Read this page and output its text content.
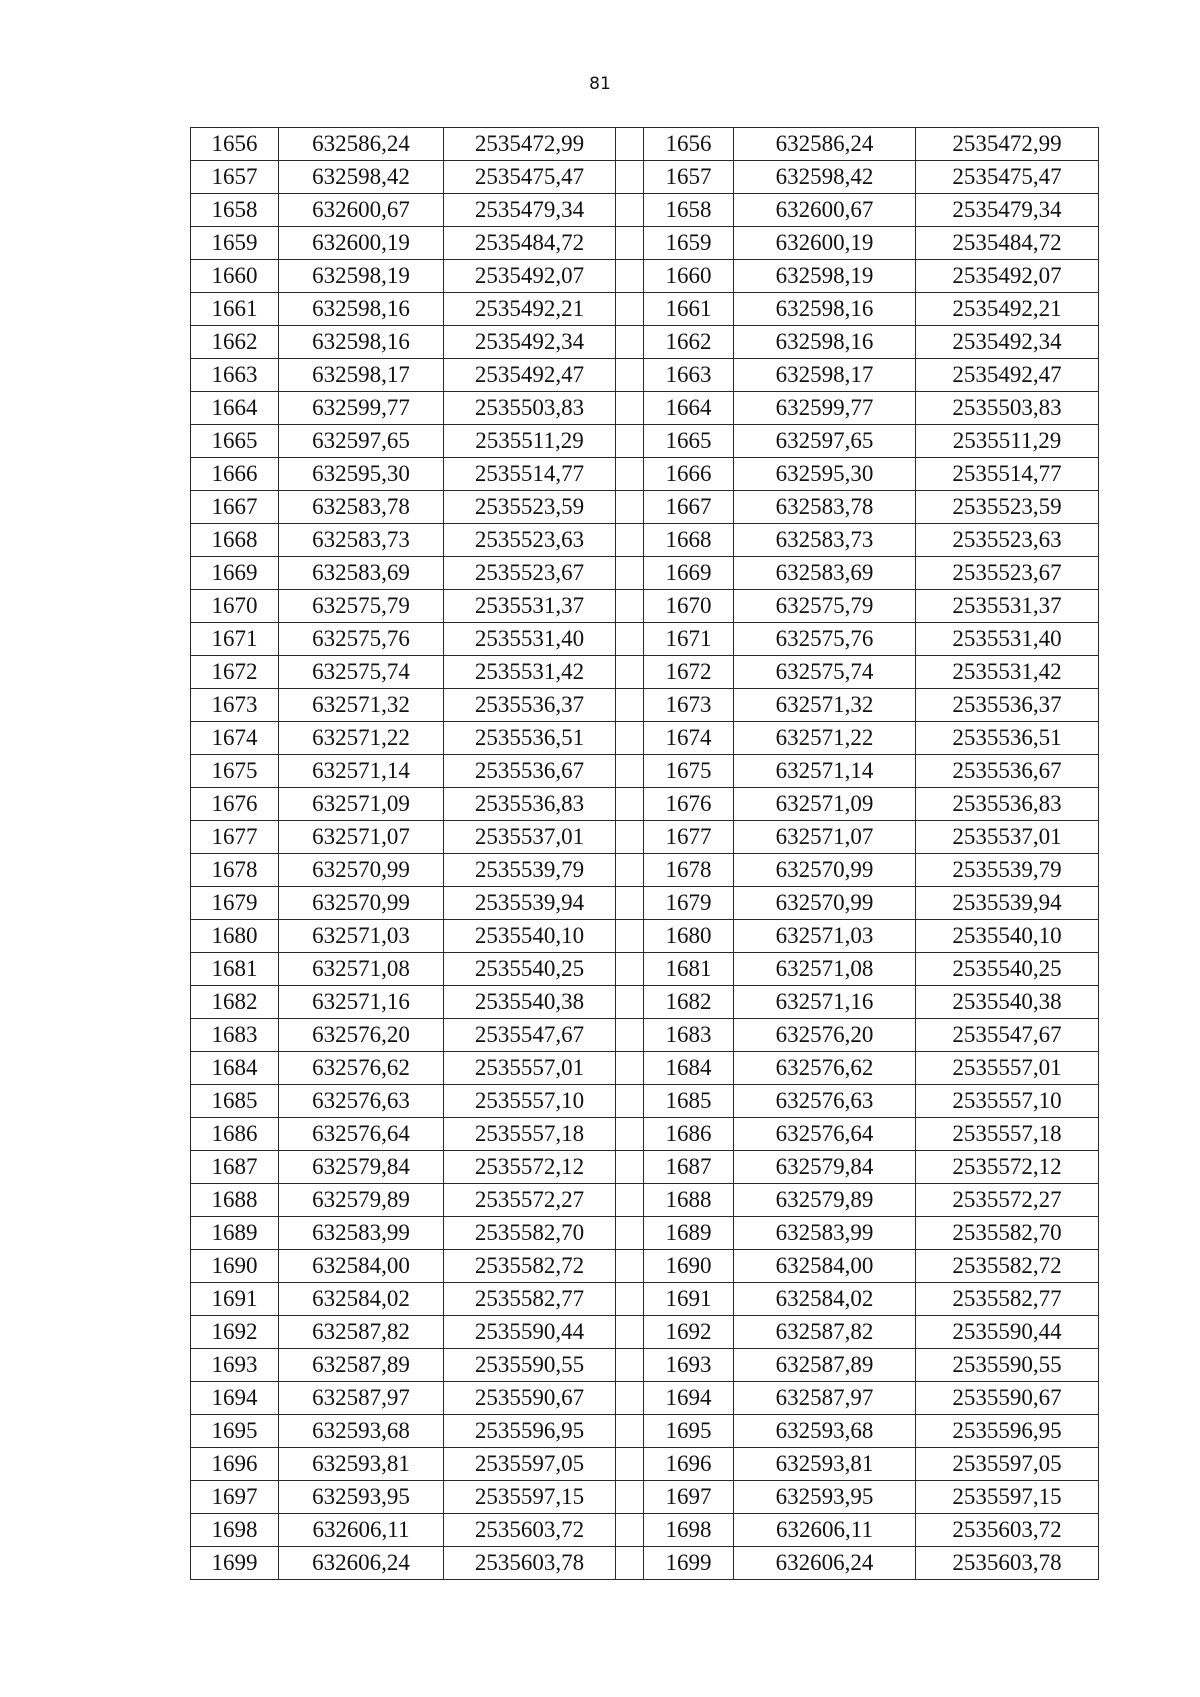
81
1656	632586,24	2535472,99		1656	632586,24	2535472,99
1657	632598,42	2535475,47		1657	632598,42	2535475,47
1658	632600,67	2535479,34		1658	632600,67	2535479,34
1659	632600,19	2535484,72		1659	632600,19	2535484,72
1660	632598,19	2535492,07		1660	632598,19	2535492,07
1661	632598,16	2535492,21		1661	632598,16	2535492,21
1662	632598,16	2535492,34		1662	632598,16	2535492,34
1663	632598,17	2535492,47		1663	632598,17	2535492,47
1664	632599,77	2535503,83		1664	632599,77	2535503,83
1665	632597,65	2535511,29		1665	632597,65	2535511,29
1666	632595,30	2535514,77		1666	632595,30	2535514,77
1667	632583,78	2535523,59		1667	632583,78	2535523,59
1668	632583,73	2535523,63		1668	632583,73	2535523,63
1669	632583,69	2535523,67		1669	632583,69	2535523,67
1670	632575,79	2535531,37		1670	632575,79	2535531,37
1671	632575,76	2535531,40		1671	632575,76	2535531,40
1672	632575,74	2535531,42		1672	632575,74	2535531,42
1673	632571,32	2535536,37		1673	632571,32	2535536,37
1674	632571,22	2535536,51		1674	632571,22	2535536,51
1675	632571,14	2535536,67		1675	632571,14	2535536,67
1676	632571,09	2535536,83		1676	632571,09	2535536,83
1677	632571,07	2535537,01		1677	632571,07	2535537,01
1678	632570,99	2535539,79		1678	632570,99	2535539,79
1679	632570,99	2535539,94		1679	632570,99	2535539,94
1680	632571,03	2535540,10		1680	632571,03	2535540,10
1681	632571,08	2535540,25		1681	632571,08	2535540,25
1682	632571,16	2535540,38		1682	632571,16	2535540,38
1683	632576,20	2535547,67		1683	632576,20	2535547,67
1684	632576,62	2535557,01		1684	632576,62	2535557,01
1685	632576,63	2535557,10		1685	632576,63	2535557,10
1686	632576,64	2535557,18		1686	632576,64	2535557,18
1687	632579,84	2535572,12		1687	632579,84	2535572,12
1688	632579,89	2535572,27		1688	632579,89	2535572,27
1689	632583,99	2535582,70		1689	632583,99	2535582,70
1690	632584,00	2535582,72		1690	632584,00	2535582,72
1691	632584,02	2535582,77		1691	632584,02	2535582,77
1692	632587,82	2535590,44		1692	632587,82	2535590,44
1693	632587,89	2535590,55		1693	632587,89	2535590,55
1694	632587,97	2535590,67		1694	632587,97	2535590,67
1695	632593,68	2535596,95		1695	632593,68	2535596,95
1696	632593,81	2535597,05		1696	632593,81	2535597,05
1697	632593,95	2535597,15		1697	632593,95	2535597,15
1698	632606,11	2535603,72		1698	632606,11	2535603,72
1699	632606,24	2535603,78		1699	632606,24	2535603,78
